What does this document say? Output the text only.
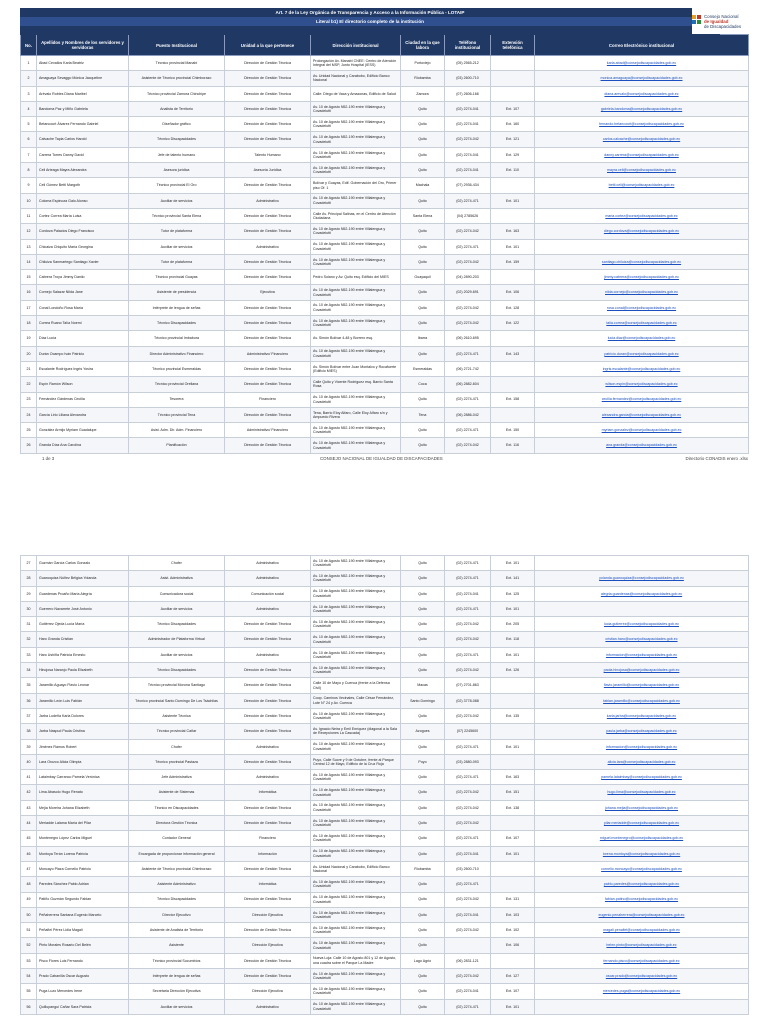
Art. 7 de la Ley Orgánica de Transparencia y Acceso a la Información Pública - LOTAIP
Literal b1) El directorio completo de la institución
Consejo Nacional
de Igualdad
de Discapacidades
No.	Apellidos y Nombres de los servidores y servidoras	Puesto Institucional	Unidad a la que pertenece	Dirección institucional	Ciudad en la que labora	Teléfono institucional	Extensión telefónica	Correo Electrónico institucional
1	Abad Cevallos Karla Beatriz	Técnico provincial Manabí	Dirección de Gestión Técnica	Prolongación Av. Manabí CNEE: Centro de Atención Integral del MSP, Junto Hospital (IESS)	Portoviejo	(05) 2565-212		karla.abad@consejodiscapacidades.gob.ec
2	Amaguaya Sevaggo Mónica Jacqueline	Asistente de Técnico provincial Chimborazo	Dirección de Gestión Técnica	Av. Unidad Nacional y Carabobo, Edificio Banco Nacional	Riobamba	(03) 2600-710		monica.amaguaya@consejodiscapacidades.gob.ec
3	Arévalo Robles Diana Maribel	Técnico provincial Zamora Chinchipe	Dirección de Gestión Técnica	Calle: Diego de Vaca y Amazonas, Edificio de Salud	Zamora	(07) 2606-166		diana.arevalo@consejodiscapacidades.gob.ec
4	Bandoma Paz y Miño Gabriela	Analista de Territorio	Dirección de Gestión Técnica	Av. 10 de Agosto N52-190 entre Villalengua y Covadelutti	Quito	(02) 2274-041	Ext. 107	gabriela.bandoma@consejodiscapacidades.gob.ec
5	Betancourt Álvarez Fernando Gabriel	Diseñador gráfico	Dirección de Gestión Técnica	Av. 10 de Agosto N52-190 entre Villalengua y Covadelutti	Quito	(02) 2274-041	Ext. 160	fernando.betancourt@consejodiscapacidades.gob.ec
6	Calvache Tapia Carlos Harold	Técnico Discapacidades	Dirección de Gestión Técnica	Av. 10 de Agosto N52-190 entre Villalengua y Covadelutti	Quito	(02) 2274-042	Ext. 121	carlos.calvache@consejodiscapacidades.gob.ec
7	Carrera Torres Danny David	Jefe de talento humano	Talento Humano	Av. 10 de Agosto N52-190 entre Villalengua y Covadelutti	Quito	(02) 2274-041	Ext. 129	danny.carrera@consejodiscapacidades.gob.ec
8	Celi Arteaga Mayra Alexandra	Asesora jurídica	Asesoría Jurídica	Av. 10 de Agosto N52-190 entre Villalengua y Covadelutti	Quito	(02) 2274-041	Ext. 110	mayra.celi@consejodiscapacidades.gob.ec
9	Celi Gómez Betti Margoth	Técnico provincial El Oro	Dirección de Gestión Técnica	Bolívar y Guayas, Edif. Gobernación del Oro, Primer piso Of. 1	Machala	(07) 2936-434		betti.celi@consejodiscapacidades.gob.ec
10	Coloma Espinoza Galo Alonso	Auxiliar de servicios	Administrativo	Av. 10 de Agosto N52-190 entre Villalengua y Covadelutti	Quito	(02) 2274-471	Ext. 101	
11	Cortez Correa María Luisa	Técnico provincial Santa Elena	Dirección de Gestión Técnica	Calle Av. Principal Salinas, en el Centro de Atención Ciudadana	Santa Elena	(04) 2785626		maria.cortez@consejodiscapacidades.gob.ec
12	Cordova Palacios Diego Francisco	Tutor de plataforma	Dirección de Gestión Técnica	Av. 10 de Agosto N52-190 entre Villalengua y Covadelutti	Quito	(02) 2274-042	Ext. 163	diego.cordova@consejodiscapacidades.gob.ec
13	Chicaiza Chiquito María Georgina	Auxiliar de servicios	Administrativo	Av. 10 de Agosto N52-190 entre Villalengua y Covadelutti	Quito	(02) 2274-471	Ext. 101	
14	Chiluiza Sanmartego Santiago Xavier	Tutor de plataforma	Dirección de Gestión Técnica	Av. 10 de Agosto N52-190 entre Villalengua y Covadelutti	Quito	(02) 2274-042	Ext. 159	santiago.chiluiza@consejodiscapacidades.gob.ec
15	Cabrera Troya Jimmy Danilo	Técnico provincial Guayas	Dirección de Gestión Técnica	Pedro Solano y Av. Quito esq. Edificio del MIES	Guayaquil	(04) 2890-203		jimmy.cabrera@consejodiscapacidades.gob.ec
16	Cornejo Salazar Nilda Jane	Asistente de presidencia	Ejecutiva	Av. 10 de Agosto N52-190 entre Villalengua y Covadelutti	Quito	(02) 2029-691	Ext. 106	nilda.cornejo@consejodiscapacidades.gob.ec
17	Conal Londoño Rosa María	Intérprete de lengua de señas	Dirección de Gestión Técnica	Av. 10 de Agosto N52-190 entre Villalengua y Covadelutti	Quito	(02) 2274-042	Ext. 128	rosa.conal@consejodiscapacidades.gob.ec
18	Correa Ruano Talía Noemí	Técnico Discapacidades	Dirección de Gestión Técnica	Av. 10 de Agosto N52-190 entre Villalengua y Covadelutti	Quito	(02) 2274-042	Ext. 122	talia.correa@consejodiscapacidades.gob.ec
19	Díaz Lucía	Técnico provincial Imbabura	Dirección de Gestión Técnica	Av. Simón Bolívar 4-48 y Borrero esq.	Ibarra	(06) 2610-695		lucia.diaz@consejodiscapacidades.gob.ec
20	Durán Ocampo Iván Patricio	Director Administrativo Financiero	Administrativo/ Financiero	Av. 10 de Agosto N52-190 entre Villalengua y Covadelutti	Quito	(02) 2274-471	Ext. 143	patricio.duran@consejodiscapacidades.gob.ec
21	Escalante Rodríguez Ingris Yosira	Técnico provincial Esmeraldas	Dirección de Gestión Técnica	Av. Simón Bolívar entre Juan Montalvo y Rocafuerte (Edificio MIES)	Esmeraldas	(06) 2721-742		ingris.escalante@consejodiscapacidades.gob.ec
22	Espín Ramón Wilson	Técnico provincial Orellana	Dirección de Gestión Técnica	Calle Quito y Vicente Rodríguez esq. Barrio Santa Rosa	Coca	(06) 2882-604		wilson.espin@consejodiscapacidades.gob.ec
23	Fernández Gárdenas Cecilia	Tesorera	Financiero	Av. 10 de Agosto N52-190 entre Villalengua y Covadelutti	Quito	(02) 2274-471	Ext. 158	cecilia.fernandez@consejodiscapacidades.gob.ec
24	García Lirio Liliana Alexandra	Técnico provincial Tena	Dirección de Gestión Técnica	Tena, Barrio Eloy Alfaro, Calle Eloy Alfaro s/n y Ampuedo Rivera	Tena	(06) 2886-042		alexandra.garcia@consejodiscapacidades.gob.ec
25	González Armijo Myriam Guadalupe	Asist. Adm. Dir. Adm. Financiero	Administrativo/ Financiero	Av. 10 de Agosto N52-190 entre Villalengua y Covadelutti	Quito	(02) 2274-471	Ext. 150	myriam.gonzalez@consejodiscapacidades.gob.ec
26	Granda Díaz Ana Carolina	Planificación	Dirección de Gestión Técnica	Av. 10 de Agosto N52-190 entre Villalengua y Covadelutti	Quito	(02) 2274-042	Ext. 116	ana.granda@consejodiscapacidades.gob.ec
1 de 3	CONSEJO NACIONAL DE IGUALDAD DE DISCAPACIDADES	Directorio CONADIS enero .xlsx
27	Guzmán García Carlos Gonzalo	Chofer	Administrativo	Av. 10 de Agosto N52-190 entre Villalengua y Covadelutti	Quito	(02) 2274-471	Ext. 101	
28	Guanoquiza Núñez Bélgica Yolanda	Asist. Administrativa	Administrativo	Av. 10 de Agosto N52-190 entre Villalengua y Covadelutti	Quito	(02) 2274-471	Ext. 141	yolanda.guanoquiza@consejodiscapacidades.gob.ec
29	Guardenas Proaño María Alegría	Comunicadora social	Comunicación social	Av. 10 de Agosto N52-190 entre Villalengua y Covadelutti	Quito	(02) 2274-041	Ext. 125	alegria.guardenas@consejodiscapacidades.gob.ec
30	Guerrero Navarrete José Antonio	Auxiliar de servicios	Administrativo	Av. 10 de Agosto N52-190 entre Villalengua y Covadelutti	Quito	(02) 2274-471	Ext. 101	
31	Gutiérrez Ojeda Lucía María	Técnico Discapacidades	Dirección de Gestión Técnica	Av. 10 de Agosto N52-190 entre Villalengua y Covadelutti	Quito	(02) 2274-042	Ext. 205	lucia.gutierrez@consejodiscapacidades.gob.ec
32	Haro Granda Cristian	Administrador de Plataforma Virtual	Dirección de Gestión Técnica	Av. 10 de Agosto N52-190 entre Villalengua y Covadelutti	Quito	(02) 2274-042	Ext. 118	cristian.haro@consejodiscapacidades.gob.ec
33	Haro Ushiña Patricia Ernesto	Auxiliar de servicios	Administrativo	Av. 10 de Agosto N52-190 entre Villalengua y Covadelutti	Quito	(02) 2274-471	Ext. 101	informacion@consejodiscapacidades.gob.ec
34	Hinojosa Naranjo Paola Elizabeth	Técnico Discapacidades	Dirección de Gestión Técnica	Av. 10 de Agosto N52-190 entre Villalengua y Covadelutti	Quito	(02) 2274-042	Ext. 126	paola.hinojosa@consejodiscapacidades.gob.ec
35	Jaramillo Aguayo Flavio Leonar	Técnico provincial Morona Santiago	Dirección de Gestión Técnica	Calle 10 de Mayo y Cuenca (frente a la Defensa Civil)	Macas	(07) 2701-863		flavio.jaramillo@consejodiscapacidades.gob.ec
36	Jaramillo León Luis Fabián	Técnico provincial Santo Domingo De Los Tsáchilas	Dirección de Gestión Técnica	Coop. Caminos Vecinales, Calle César Fernández, Lote N° 24 y Av. Cuenca	Santo Domingo	(02) 3778-088		fabian.jaramillo@consejodiscapacidades.gob.ec
37	Jarba Ludeña Karla Dolores	Asistente Técnica	Dirección de Gestión Técnica	Av. 10 de Agosto N52-190 entre Villalengua y Covadelutti	Quito	(02) 2274-042	Ext. 135	karla.jarba@consejodiscapacidades.gob.ec
38	Jarba Naspud Paula Cristina	Técnico provincial Cañar	Dirección de Gestión Técnica	Av. Ignacio Neira y Emil Enríquez (diagonal a la Sala de Recepciones La Cascada)	Azogues	(07) 2245600		paula.jarba@consejodiscapacidades.gob.ec
39	Jiménez Ramos Robert	Chofer	Administrativo	Av. 10 de Agosto N52-190 entre Villalengua y Covadelutti	Quito	(02) 2274-471	Ext. 101	informacion@consejodiscapacidades.gob.ec
40	Lara Orozco Alicia Olimpia	Técnico provincial Pastaza	Dirección de Gestión Técnica	Puyo, Calle Sucre y 9 de Octubre, frente al Parque Central 12 de Mayo, Edificio de la Cruz Roja	Puyo	(03) 2880-093		alicia.lara@consejodiscapacidades.gob.ec
41	Lataimbay Carranco Pamela Verónica	Jefe Administrativa	Administrativo	Av. 10 de Agosto N52-190 entre Villalengua y Covadelutti	Quito	(02) 2274-471	Ext. 163	pamela.lataimbay@consejodiscapacidades.gob.ec
42	Lima Abasolo Hugo Renato	Asistente de Sistemas	Informática	Av. 10 de Agosto N52-190 entre Villalengua y Covadelutti	Quito	(02) 2274-042	Ext. 151	hugo.lima@consejodiscapacidades.gob.ec
43	Mejía Moreira Johana Elizabeth	Técnico en Discapacidades	Dirección de Gestión Técnica	Av. 10 de Agosto N52-190 entre Villalengua y Covadelutti	Quito	(02) 2274-042	Ext. 138	johana.mejia@consejodiscapacidades.gob.ec
44	Meriadde Lalama María del Pilar	Directora Gestión Técnica	Dirección de Gestión Técnica	Av. 10 de Agosto N52-190 entre Villalengua y Covadelutti	Quito	(02) 2274-042		pilar.meriadde@consejodiscapacidades.gob.ec
45	Montenegro López Carlos Miguel	Contador General	Financiero	Av. 10 de Agosto N52-190 entre Villalengua y Covadelutti	Quito	(02) 2274-471	Ext. 107	miguel.montenegro@consejodiscapacidades.gob.ec
46	Montoya Terán Lorena Patricia	Encargada de proporcionar información general	Información	Av. 10 de Agosto N52-190 entre Villalengua y Covadelutti	Quito	(02) 2274-041	Ext. 101	lorena.montoya@consejodiscapacidades.gob.ec
47	Moncayo Plaza Cornelio Patricio	Asistente de Técnico provincial Chimborazo	Dirección de Gestión Técnica	Av. Unidad Nacional y Carabobo, Edificio Banco Nacional	Riobamba	(03) 2600-710		cornelio.moncayo@consejodiscapacidades.gob.ec
48	Paredes Sánchez Pablo Adrian	Asistente Administrativo	Informática	Av. 10 de Agosto N52-190 entre Villalengua y Covadelutti	Quito	(02) 2274-471		pablo.paredes@consejodiscapacidades.gob.ec
49	Patiño Guzmán Segundo Fabian	Técnico Discapacidades	Dirección de Gestión Técnica	Av. 10 de Agosto N52-190 entre Villalengua y Covadelutti	Quito	(02) 2274-042	Ext. 131	fabian.patino@consejodiscapacidades.gob.ec
50	Peñaherrera Santana Eugenio Marcelo	Director Ejecutivo	Dirección Ejecutiva	Av. 10 de Agosto N52-190 entre Villalengua y Covadelutti	Quito	(02) 2274-041	Ext. 103	eugenio.penaherrera@consejodiscapacidades.gob.ec
51	Peñafiel Pérez Lidia Magalí	Asistente de Analista de Territorio	Dirección de Gestión Técnica	Av. 10 de Agosto N52-190 entre Villalengua y Covadelutti	Quito	(02) 2274-042	Ext. 102	magali.penafiel@consejodiscapacidades.gob.ec
52	Pinto Morales Rosario Del Belén	Asistente	Dirección Ejecutiva	Av. 10 de Agosto N52-190 entre Villalengua y Covadelutti	Quito		Ext. 106	belen.pinto@consejodiscapacidades.gob.ec
53	Pisco Flores Luis Fernando	Técnico provincial Sucumbíos	Dirección de Gestión Técnica	Nueva Loja: Calle 10 de Agosto 801 y 12 de Agosto, una cuadra sobre el Parque La Madre	Lago Agrio	(06) 2831-121		fernando.pisco@consejodiscapacidades.gob.ec
54	Prado Cabanilla Oscar Augusto	Intérprete de lengua de señas	Dirección de Gestión Técnica	Av. 10 de Agosto N52-190 entre Villalengua y Covadelutti	Quito	(02) 2274-042	Ext. 127	oscar.prado@consejodiscapacidades.gob.ec
55	Puga Luzo Mercedes Irene	Secretaria Dirección Ejecutiva	Dirección Ejecutiva	Av. 10 de Agosto N52-190 entre Villalengua y Covadelutti	Quito	(02) 2274-041	Ext. 107	mercedes.puga@consejodiscapacidades.gob.ec
56	Quillupangui Cañar Sara Patricia	Auxiliar de servicios	Administrativo	Av. 10 de Agosto N52-190 entre Villalengua y Covadelutti	Quito	(02) 2274-471	Ext. 101	
